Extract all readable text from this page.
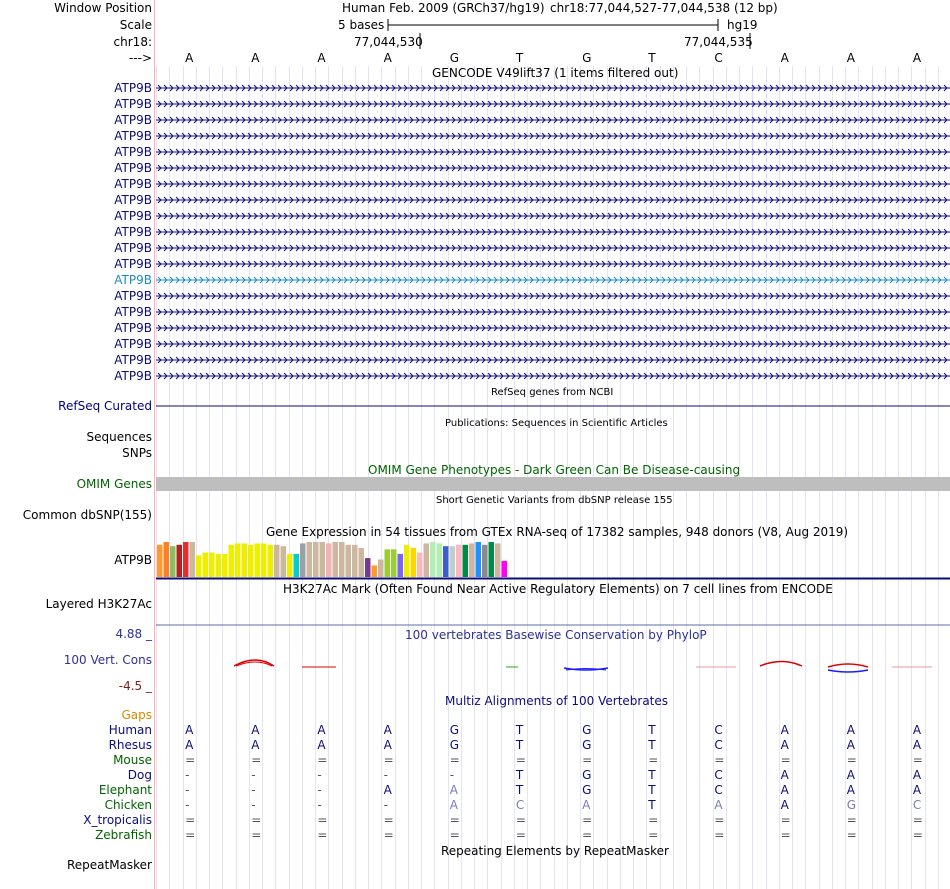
Window Position
Scale
chr18:
--->
Human Feb. 2009 (GRCh37/hg19) chr18:77,044,527-77,044,538 (12 bp)
5 bases	hg19
77,044,530	77,044,535
A	A	A	A	G	T	G	T	C	A	A	A
GENCODE V49lift37 (1 items filtered out)
ATP9B
ATP9B
ATP9B
ATP9B
ATP9B
ATP9B
ATP9B
ATP9B
ATP9B
ATP9B
ATP9B
ATP9B
ATP9B
ATP9B
ATP9B
ATP9B
ATP9B
ATP9B
ATP9B
RefSeq genes from NCBI
RefSeq Curated
Publications: Sequences in Scientific Articles
Sequences
SNPs
OMIM Gene Phenotypes - Dark Green Can Be Disease-causing
OMIM Genes
Short Genetic Variants from dbSNP release 155
Common dbSNP(155)
Gene Expression in 54 tissues from GTEx RNA-seq of 17382 samples, 948 donors (V8, Aug 2019)
ATP9B
H3K27Ac Mark (Often Found Near Active Regulatory Elements) on 7 cell lines from ENCODE
Layered H3K27Ac
100 vertebrates Basewise Conservation by PhyloP
4.88 _
100 Vert. Cons
-4.5 _
Multiz Alignments of 100 Vertebrates
Gaps
Human	A	A	A	A	G	T	G	T	C	A	A	A
Rhesus	A	A	A	A	G	T	G	T	C	A	A	A
Mouse	=	=	=	=	=	=	=	=	=	=	=	=
Dog	-	-	-	-	-	T	G	T	C	A	A	A
Elephant	-	-	-	A	A	T	G	T	C	A	A	A
Chicken	-	-	-	-	A	C	A	T	A	A	G	C
X_tropicalis	=	=	=	=	=	=	=	=	=	=	=	=
Zebrafish	=	=	=	=	=	=	=	=	=	=	=	=
Repeating Elements by RepeatMasker
RepeatMasker
